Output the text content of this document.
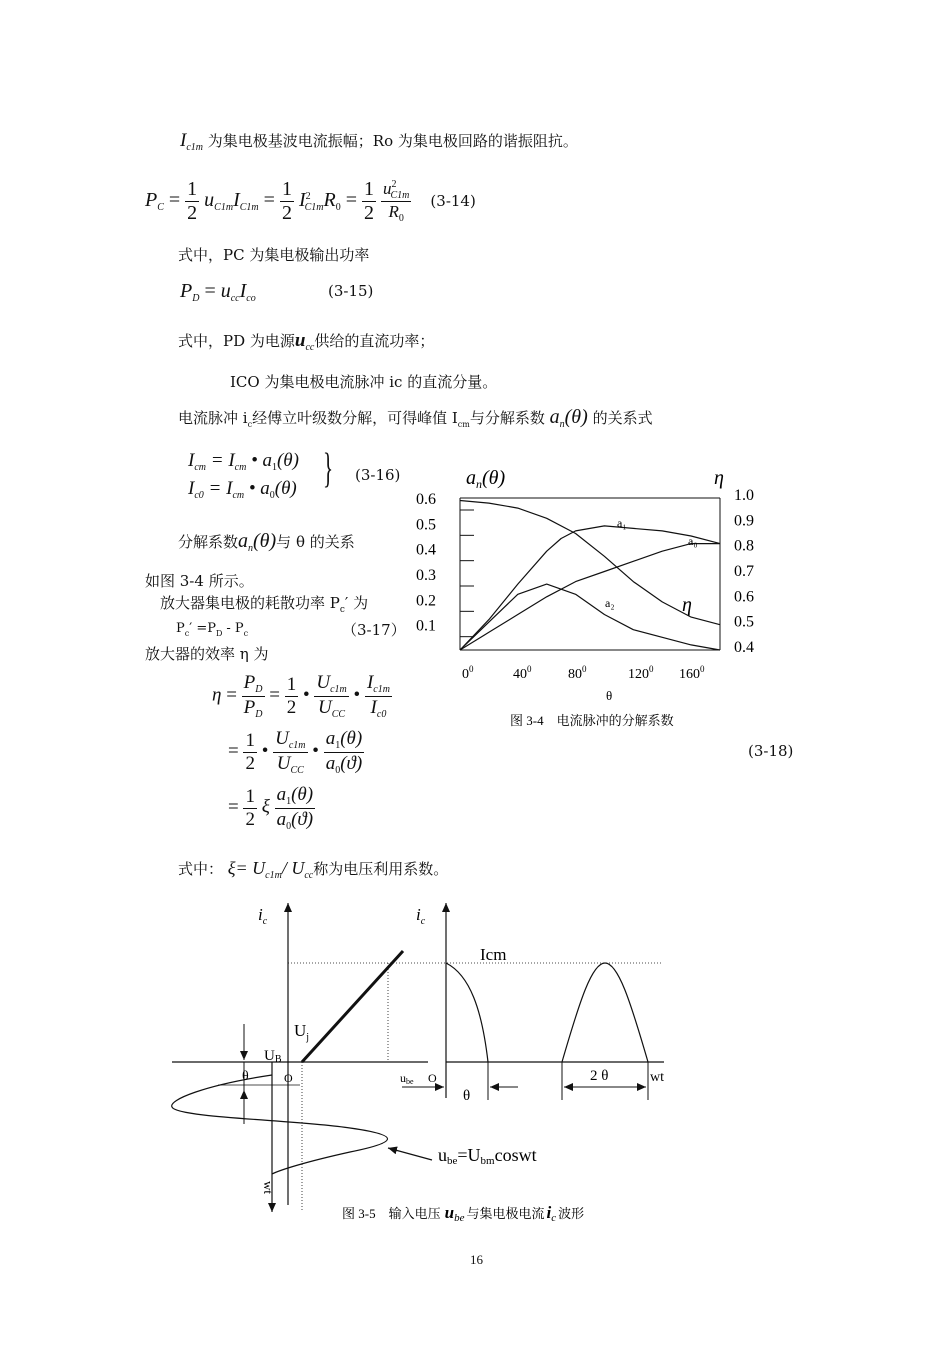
$I_{c1m}$ 为集电极基波电流振幅；Ro 为集电极回路的谐振阻抗。
$P_C = \frac{1}{2} u_{C1m}I_{C1m} = \frac{1}{2} I^2_{C1m}R_0 = \frac{1}{2}$
$\frac{u^2_{C1m}}{R_0} (3-14)$
式中，PC 为集电极输出功率
$P_D = u_{cc}I_{co}$	(3-15)
式中，PD 为电源$u_{cc}$供给的直流功率；
ICO 为集电极电流脉冲 ic 的直流分量。
电流脉冲 $i_c$经傅立叶级数分解，可得峰值 $I_{cm}$与分解系数 $a_n(\theta)$ 的关系式
$I_{cm} = I_{cm}$ • $a_1(\theta)$
$I_{c0} = I_{cm}$ • $a_0(\theta)$ } (3-16)
分解系数$a_n(\theta)$与 θ 的关系
如图 3-4 所示。
放大器集电极的耗散功率 $P_c'$ 为
$P_c' =P_D - P_c$	（3-17）
放大器的效率 η 为
$\eta = \frac{P_D}{P_D} = \frac{1}{2}$ • $\frac{U_{c1m}}{U_{CC}}$ • $\frac{I_{c1m}}{I_{c0}}$
= $\frac{1}{2}$ • $\frac{U_{c1m}}{U_{CC}}$ • $\frac{a_1(\theta)}{a_0(ϑ)}$	(3-18)
= $\frac{1}{2}$ ξ $\frac{a_1(\theta)}{a_0(ϑ)}$
式中： $\xi= U_{c1m}/$ $U_{cc}$称为电压利用系数。
0.6
0.5
0.4
0.3
0.2
0.1
1.0
0.9
0.8
0.7
0.6
0.5
0.4
$0^0$	$40^0$	$80^0$	$120^0$ $160^0$
a₁
a₀
a₂	η
$a_n(\theta)$	η
θ
图 3-4　电流脉冲的分解系数
$i_c$	$i_c$
Icm
$U_j$
UB
θ	O	ube O
θ
2 θ	wt
wt
ube=Ubmcoswt
图 3-5　输入电压 $u_{be}$ 与集电极电流 $i_c$ 波形
16
